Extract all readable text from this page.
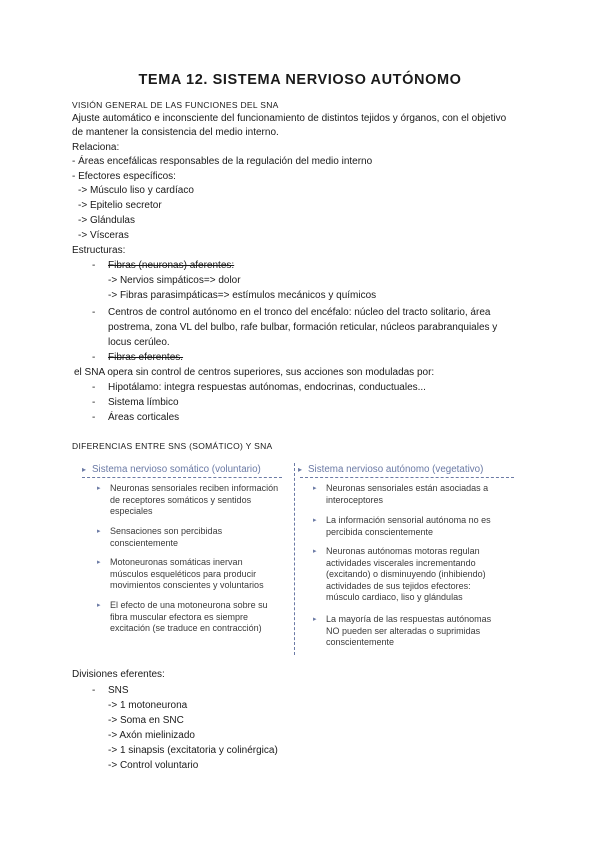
TEMA 12. SISTEMA NERVIOSO AUTÓNOMO
VISIÓN GENERAL DE LAS FUNCIONES DEL SNA
Ajuste automático e inconsciente del funcionamiento de distintos tejidos y órganos, con el objetivo
de mantener la consistencia del medio interno.
Relaciona:
- Áreas encefálicas responsables de la regulación del medio interno
- Efectores específicos:
-> Músculo liso y cardíaco
-> Epitelio secretor
-> Glándulas
-> Vísceras
Estructuras:
- Fibras (neuronas) aferentes:
-> Nervios simpáticos=> dolor
-> Fibras parasimpáticas=> estímulos mecánicos y químicos
- Centros de control autónomo en el tronco del encéfalo: núcleo del tracto solitario, área
postrema, zona VL del bulbo, rafe bulbar, formación reticular, núcleos parabranquiales y
locus cerúleo.
- Fibras eferentes.
el SNA opera sin control de centros superiores, sus acciones son moduladas por:
- Hipotálamo: integra respuestas autónomas, endocrinas, conductuales...
- Sistema límbico
- Áreas corticales
DIFERENCIAS ENTRE SNS (SOMÁTICO) Y SNA
▸ Sistema nervioso somático (voluntario)	▸ Sistema nervioso autónomo (vegetativo)
▸ Neuronas sensoriales reciben información
de receptores somáticos y sentidos
especiales
▸ Sensaciones son percibidas
conscientemente
▸ Motoneuronas somáticas inervan
músculos esqueléticos para producir
movimientos conscientes y voluntarios
▸ El efecto de una motoneurona sobre su
fibra muscular efectora es siempre
excitación (se traduce en contracción)
▸ Neuronas sensoriales están asociadas a
interoceptores
▸ La información sensorial autónoma no es
percibida conscientemente
▸ Neuronas autónomas motoras regulan
actividades viscerales incrementando
(excitando) o disminuyendo (inhibiendo)
actividades de sus tejidos efectores:
músculo cardiaco, liso y glándulas
▸ La mayoría de las respuestas autónomas
NO pueden ser alteradas o suprimidas
conscientemente
Divisiones eferentes:
- SNS
-> 1 motoneurona
-> Soma en SNC
-> Axón mielinizado
-> 1 sinapsis (excitatoria y colinérgica)
-> Control voluntario
